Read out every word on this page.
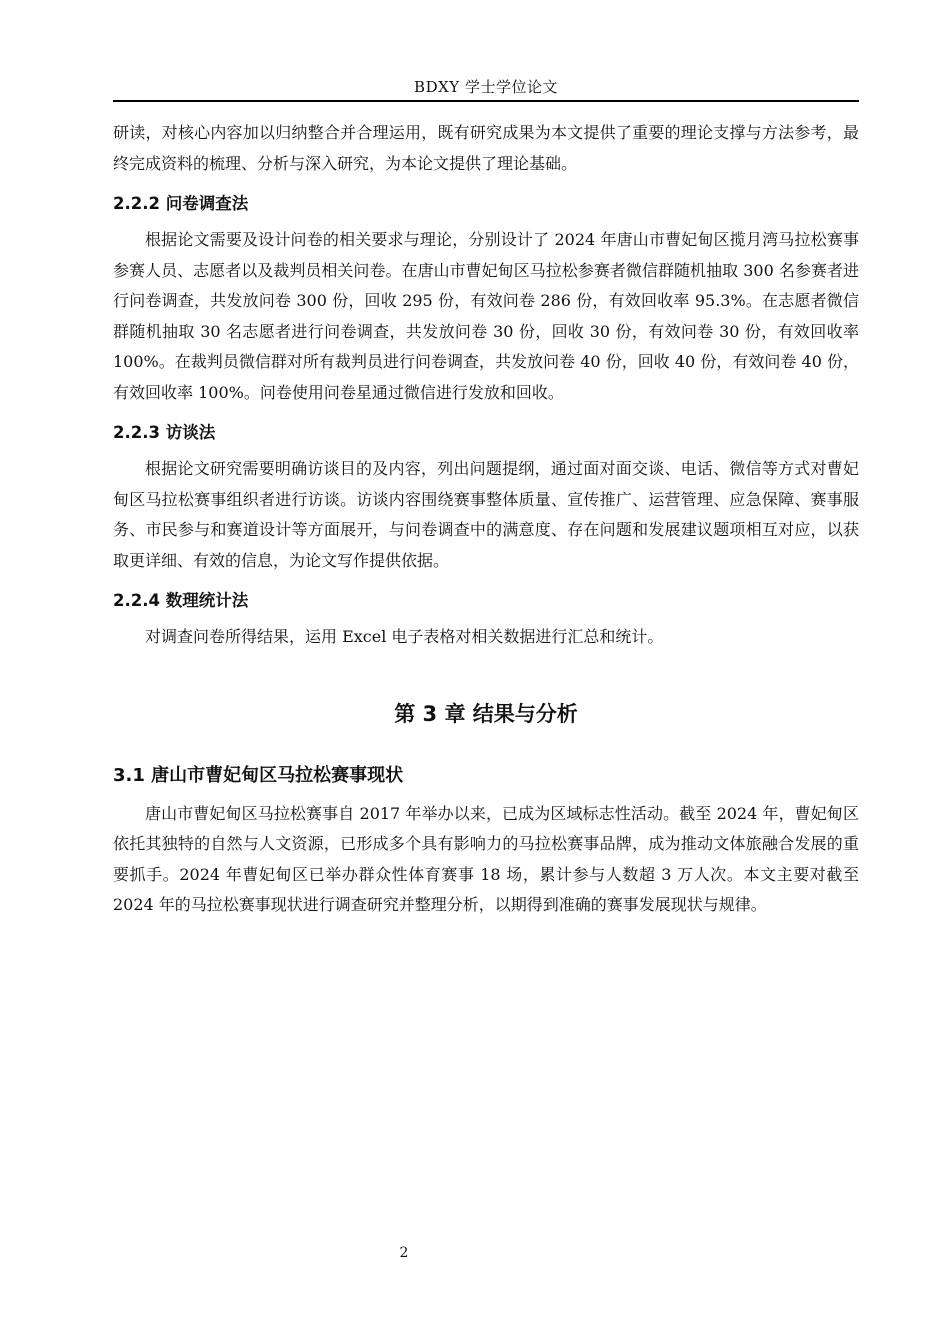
BDXY 学士学位论文

研读，对核心内容加以归纳整合并合理运用，既有研究成果为本文提供了重要的理论支撑与方法参考，最终完成资料的梳理、分析与深入研究，为本论文提供了理论基础。

2.2.2 问卷调查法

根据论文需要及设计问卷的相关要求与理论，分别设计了 2024 年唐山市曹妃甸区揽月湾马拉松赛事参赛人员、志愿者以及裁判员相关问卷。在唐山市曹妃甸区马拉松参赛者微信群随机抽取 300 名参赛者进行问卷调查，共发放问卷 300 份，回收 295 份，有效问卷 286 份，有效回收率 95.3%。在志愿者微信群随机抽取 30 名志愿者进行问卷调查，共发放问卷 30 份，回收 30 份，有效问卷 30 份，有效回收率 100%。在裁判员微信群对所有裁判员进行问卷调查，共发放问卷 40 份，回收 40 份，有效问卷 40 份，有效回收率 100%。问卷使用问卷星通过微信进行发放和回收。

2.2.3 访谈法

根据论文研究需要明确访谈目的及内容，列出问题提纲，通过面对面交谈、电话、微信等方式对曹妃甸区马拉松赛事组织者进行访谈。访谈内容围绕赛事整体质量、宣传推广、运营管理、应急保障、赛事服务、市民参与和赛道设计等方面展开，与问卷调查中的满意度、存在问题和发展建议题项相互对应，以获取更详细、有效的信息，为论文写作提供依据。

2.2.4 数理统计法

对调查问卷所得结果，运用 Excel 电子表格对相关数据进行汇总和统计。

第 3 章 结果与分析
3.1 唐山市曹妃甸区马拉松赛事现状

唐山市曹妃甸区马拉松赛事自 2017 年举办以来，已成为区域标志性活动。截至 2024 年，曹妃甸区依托其独特的自然与人文资源，已形成多个具有影响力的马拉松赛事品牌，成为推动文体旅融合发展的重要抓手。2024 年曹妃甸区已举办群众性体育赛事 18 场，累计参与人数超 3 万人次。本文主要对截至 2024 年的马拉松赛事现状进行调查研究并整理分析，以期得到准确的赛事发展现状与规律。

2
